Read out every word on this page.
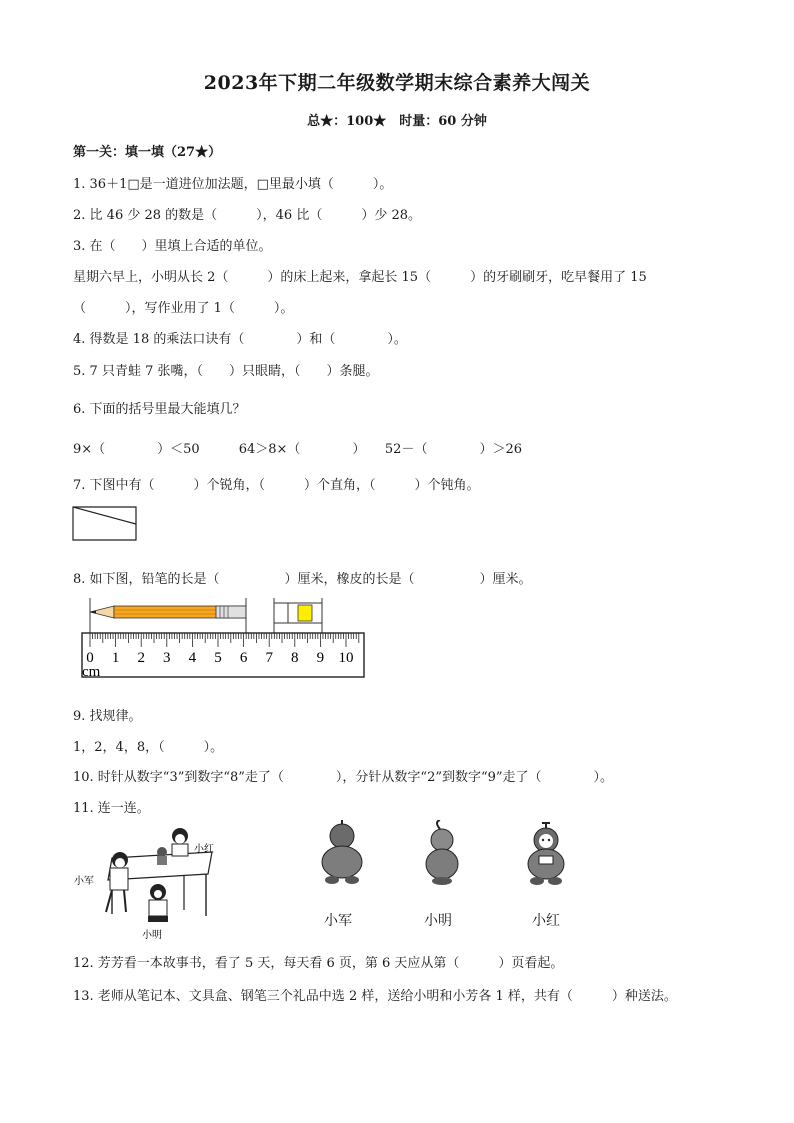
2023年下期二年级数学期末综合素养大闯关
总★：100★　时量：60 分钟
第一关：填一填（27★）
1. 36＋1□是一道进位加法题，□里最小填（　　　）。
2. 比 46 少 28 的数是（　　　），46 比（　　　）少 28。
3. 在（　　）里填上合适的单位。
星期六早上，小明从长 2（　　　）的床上起来，拿起长 15（　　　）的牙刷刷牙，吃早餐用了 15
（　　　），写作业用了 1（　　　）。
4. 得数是 18 的乘法口诀有（　　　　）和（　　　　）。
5. 7 只青蛙 7 张嘴，（　　）只眼睛，（　　）条腿。
6. 下面的括号里最大能填几？
9×（　　　　）＜50　　　64＞8×（　　　　）　　52－（　　　　）＞26
7. 下图中有（　　　）个锐角，（　　　）个直角，（　　　）个钝角。
8. 如下图，铅笔的长是（　　　　　）厘米，橡皮的长是（　　　　　）厘米。
0 1 2 3 4 5 6 7 8 9 10
cm
9. 找规律。
1，2，4，8，（　　　）。
10. 时针从数字“3”到数字“8”走了（　　　　），分针从数字“2”到数字“9”走了（　　　　）。
11. 连一连。
小红
小军
小明
小军	小明	小红
12. 芳芳看一本故事书，看了 5 天，每天看 6 页，第 6 天应从第（　　　）页看起。
13. 老师从笔记本、文具盒、钢笔三个礼品中选 2 样，送给小明和小芳各 1 样，共有（　　　）种送法。
